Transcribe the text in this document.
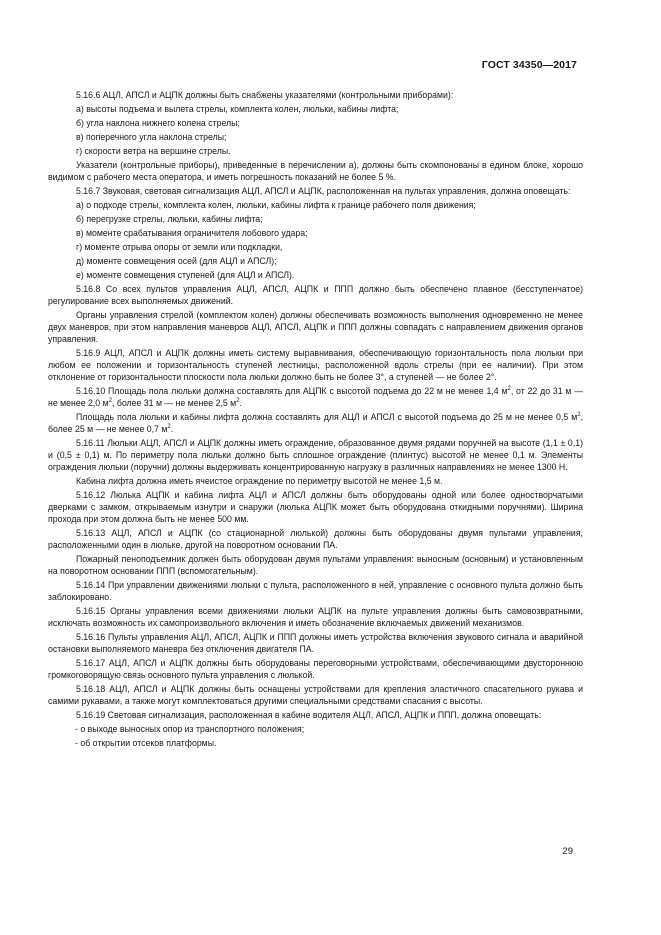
ГОСТ 34350—2017

5.16.6 АЦЛ, АПСЛ и АЦПК должны быть снабжены указателями (контрольными приборами):

а) высоты подъема и вылета стрелы, комплекта колен, люльки, кабины лифта;

б) угла наклона нижнего колена стрелы;

в) поперечного угла наклона стрелы;

г) скорости ветра на вершине стрелы.

Указатели (контрольные приборы), приведенные в перечислении а), должны быть скомпонованы в едином блоке, хорошо видимом с рабочего места оператора, и иметь погрешность показаний не более 5 %.

5.16.7 Звуковая, световая сигнализация АЦЛ, АПСЛ и АЦПК, расположенная на пультах управления, должна оповещать:

а) о подходе стрелы, комплекта колен, люльки, кабины лифта к границе рабочего поля движения;

б) перегрузке стрелы, люльки, кабины лифта;

в) моменте срабатывания ограничителя лобового удара;

г) моменте отрыва опоры от земли или подкладки,

д) моменте совмещения осей (для АЦЛ и АПСЛ);

е) моменте совмещения ступеней (для АЦЛ и АПСЛ).

5.16.8 Со всех пультов управления АЦЛ, АПСЛ, АЦПК и ППП должно быть обеспечено плавное (бесступенчатое) регулирование всех выполняемых движений.

Органы управления стрелой (комплектом колен) должны обеспечивать возможность выполнения одновременно не менее двух маневров, при этом направления маневров АЦЛ, АПСЛ, АЦПК и ППП должны совпадать с направлением движения органов управления.

5.16.9 АЦЛ, АПСЛ и АЦПК должны иметь систему выравнивания, обеспечивающую горизонтальность пола люльки при любом ее положении и горизонтальность ступеней лестницы, расположенной вдоль стрелы (при ее наличии). При этом отклонение от горизонтальности плоскости пола люльки должно быть не более 3°, а ступеней — не более 2°.

5.16.10 Площадь пола люльки должна составлять для АЦПК с высотой подъема до 22 м не менее 1,4 $м^2$, от 22 до 31 м — не менее 2,0 $м^2$, более 31 м — не менее 2,5 $м^2$.

Площадь пола люльки и кабины лифта должна составлять для АЦЛ и АПСЛ с высотой подъема до 25 м не менее 0,5 $м^2$, более 25 м — не менее 0,7 $м^2$.

5.16.11 Люльки АЦЛ, АПСЛ и АЦПК должны иметь ограждение, образованное двумя рядами поручней на высоте (1,1 ± 0,1) и (0,5 ± 0,1) м. По периметру пола люльки должно быть сплошное ограждение (плинтус) высотой не менее 0,1 м. Элементы ограждения люльки (поручни) должны выдерживать концентрированную нагрузку в различных направлениях не менее 1300 Н.

Кабина лифта должна иметь ячеистое ограждение по периметру высотой не менее 1,5 м.

5.16.12 Люлька АЦПК и кабина лифта АЦЛ и АПСЛ должны быть оборудованы одной или более одностворчатыми дверками с замком, открываемым изнутри и снаружи (люлька АЦПК может быть оборудована откидными поручнями). Ширина прохода при этом должна быть не менее 500 мм.

5.16.13 АЦЛ, АПСЛ и АЦПК (со стационарной люлькой) должны быть оборудованы двумя пультами управления, расположенными один в люльке, другой на поворотном основании ПА.

Пожарный пеноподъемник должен быть оборудован двумя пультами управления: выносным (основным) и установленным на поворотном основании ППП (вспомогательным).

5.16.14 При управлении движениями люльки с пульта, расположенного в ней, управление с основного пульта должно быть заблокировано.

5.16.15 Органы управления всеми движениями люльки АЦПК на пульте управления должны быть самовозвратными, исключать возможность их самопроизвольного включения и иметь обозначение включаемых движений механизмов.

5.16.16 Пульты управления АЦЛ, АПСЛ, АЦПК и ППП должны иметь устройства включения звукового сигнала и аварийной остановки выполняемого маневра без отключения двигателя ПА.

5.16.17 АЦЛ, АПСЛ и АЦПК должны быть оборудованы переговорными устройствами, обеспечивающими двустороннюю громкоговорящую связь основного пульта управления с люлькой.

5.16.18 АЦЛ, АПСЛ и АЦПК должны быть оснащены устройствами для крепления эластичного спасательного рукава и самими рукавами, а также могут комплектоваться другими специальными средствами спасания с высоты.

5.16.19 Световая сигнализация, расположенная в кабине водителя АЦЛ, АПСЛ, АЦПК и ППП, должна оповещать:

- о выходе выносных опор из транспортного положения;

- об открытии отсеков платформы.

29
